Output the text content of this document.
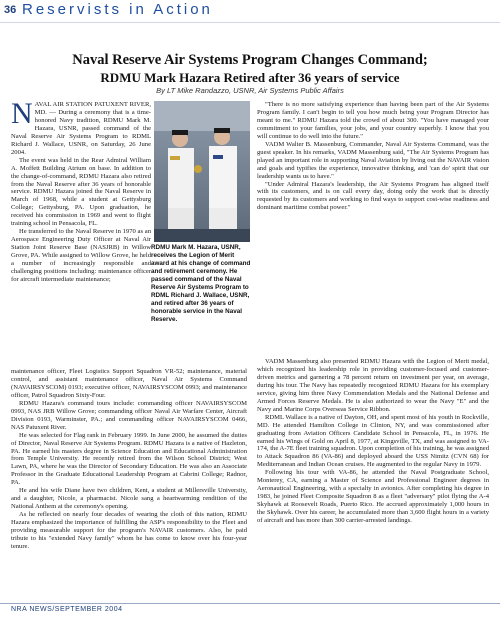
36 Reservists in Action
Naval Reserve Air Systems Program Changes Command;
RDMU Mark Hazara Retired after 36 years of service
By LT Mike Randazzo, USNR, Air Systems Public Affairs

NAVAL AIR STATION PATUXENT RIVER, MD. — During a ceremony that is a time-honored Navy tradition, RDMU Mark M. Hazara, USNR, passed command of the Naval Reserve Air Systems Program to RDML Richard J. Wallace, USNR, on Saturday, 26 June 2004.

The event was held in the Rear Admiral William A. Moffett Building Atrium on base. In addition to the change-of-command, RDMU Hazara also retired from the Naval Reserve after 36 years of honorable service. RDMU Hazara joined the Naval Reserve in March of 1968, while a student at Gettysburg College; Gettysburg, PA. Upon graduation, he received his commission in 1969 and went to flight training school in Pensacola, FL.

He transferred to the Naval Reserve in 1970 as an Aerospace Engineering Duty Officer at Naval Air Station Joint Reserve Base (NASJRB) in Willow Grove, PA. While assigned to Willow Grove, he held a number of increasingly responsible and challenging positions including: maintenance officer for aircraft intermediate maintenance;

RDMU Mark M. Hazara, USNR, receives the Legion of Merit award at his change of command and retirement ceremony. He passed command of the Naval Reserve Air Systems Program to RDML Richard J. Wallace, USNR, and retired after 36 years of honorable service in the Naval Reserve.

maintenance officer, Fleet Logistics Support Squadron VR-52; maintenance, material control, and assistant maintenance officer, Naval Air Systems Command (NAVAIRSYSCOM) 0193; executive officer, NAVAIRSYSCOM 0993; and maintenance officer, Patrol Squadron Sixty-Four.

RDMU Hazara's command tours include: commanding officer NAVAIRSYSCOM 0993, NAS JRB Willow Grove; commanding officer Naval Air Warfare Center, Aircraft Division 0193, Warminster, PA.; and commanding officer NAVAIRSYSCOM 0466, NAS Patuxent River.

He was selected for Flag rank in February 1999. In June 2000, he assumed the duties of Director, Naval Reserve Air Systems Program. RDMU Hazara is a native of Hazleton, PA. He earned his masters degree in Science Education and Educational Administration from Temple University. He recently retired from the Wilson School District; West Lawn, PA, where he was the Director of Secondary Education. He was also an Associate Professor in the Graduate Educational Leadership Program at Cabrini College; Radnor, PA.

He and his wife Diane have two children, Kent, a student at Millersville University, and a daughter, Nicole, a pharmacist. Nicole sang a heartwarming rendition of the National Anthem at the ceremony's opening.

As he reflected on nearly four decades of wearing the cloth of this nation, RDMU Hazara emphasized the importance of fulfilling the ASP's responsibility to the Fleet and providing measurable support for the program's NAVAIR customers. Also, he paid tribute to his "extended Navy family" whom he has come to know over his four-year tenure.

"There is no more satisfying experience than having been part of the Air Systems Program family. I can't begin to tell you how much being your Program Director has meant to me." RDMU Hazara told the crowd of about 300. "You have managed your commitment to your families, your jobs, and your country superbly. I know that you will continue to do well into the future."

VADM Walter B. Massenburg, Commander, Naval Air Systems Command, was the guest speaker. In his remarks, VADM Massenburg said, "The Air Systems Program has played an important role in supporting Naval Aviation by living out the NAVAIR vision and goals and typifies the experience, innovative thinking, and 'can do' spirit that our leadership wants us to have."

"Under Admiral Hazara's leadership, the Air Systems Program has aligned itself with its customers, and is on call every day, doing only the work that is directly requested by its customers and working to find ways to support cost-wise readiness and dominant maritime combat power."

VADM Massenburg also presented RDMU Hazara with the Legion of Merit medal, which recognized his leadership role in providing customer-focused and customer-driven metrics and garnering a 78 percent return on investment per year, on average, during his tour. The Navy has repeatedly recognized RDMU Hazara for his exemplary service, giving him three Navy Commendation Medals and the National Defense and Armed Forces Reserve Medals. He is also authorized to wear the Navy "E" and the Navy and Marine Corps Overseas Service Ribbon.

RDML Wallace is a native of Dayton, OH, and spent most of his youth in Rockville, MD. He attended Hamilton College in Clinton, NY, and was commissioned after graduating from Aviation Officers Candidate School in Pensacola, FL, in 1976. He earned his Wings of Gold on April 8, 1977, at Kingsville, TX, and was assigned to VA-174, the A-7E fleet training squadron. Upon completion of his training, he was assigned to Attack Squadron 86 (VA-86) and deployed aboard the USS Nimitz (CVN 68) for Mediterranean and Indian Ocean cruises. He augmented to the regular Navy in 1979.

Following his tour with VA-86, he attended the Naval Postgraduate School, Monterey, CA, earning a Master of Science and Professional Engineer degrees in Aeronautical Engineering, with a specialty in avionics. After completing his degree in 1983, he joined Fleet Composite Squadron 8 as a fleet "adversary" pilot flying the A-4 Skyhawk at Roosevelt Roads, Puerto Rico. He accrued approximately 1,000 hours in the Skyhawk. Over his career, he accumulated more than 3,600 flight hours in a variety of aircraft and has more than 300 carrier-arrested landings.

NRA NEWS/SEPTEMBER 2004
